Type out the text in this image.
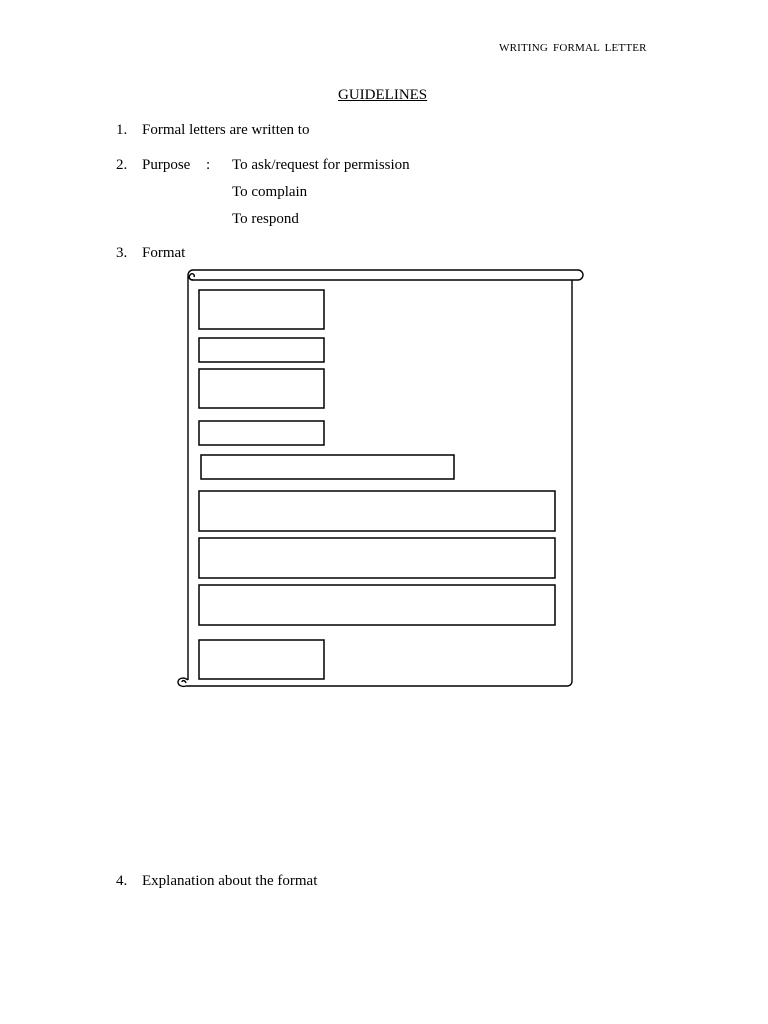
WRITING FORMAL LETTER
GUIDELINES
1. Formal letters are written to
2. Purpose : To ask/request for permission
To complain
To respond
3. Format
4. Explanation about the format
